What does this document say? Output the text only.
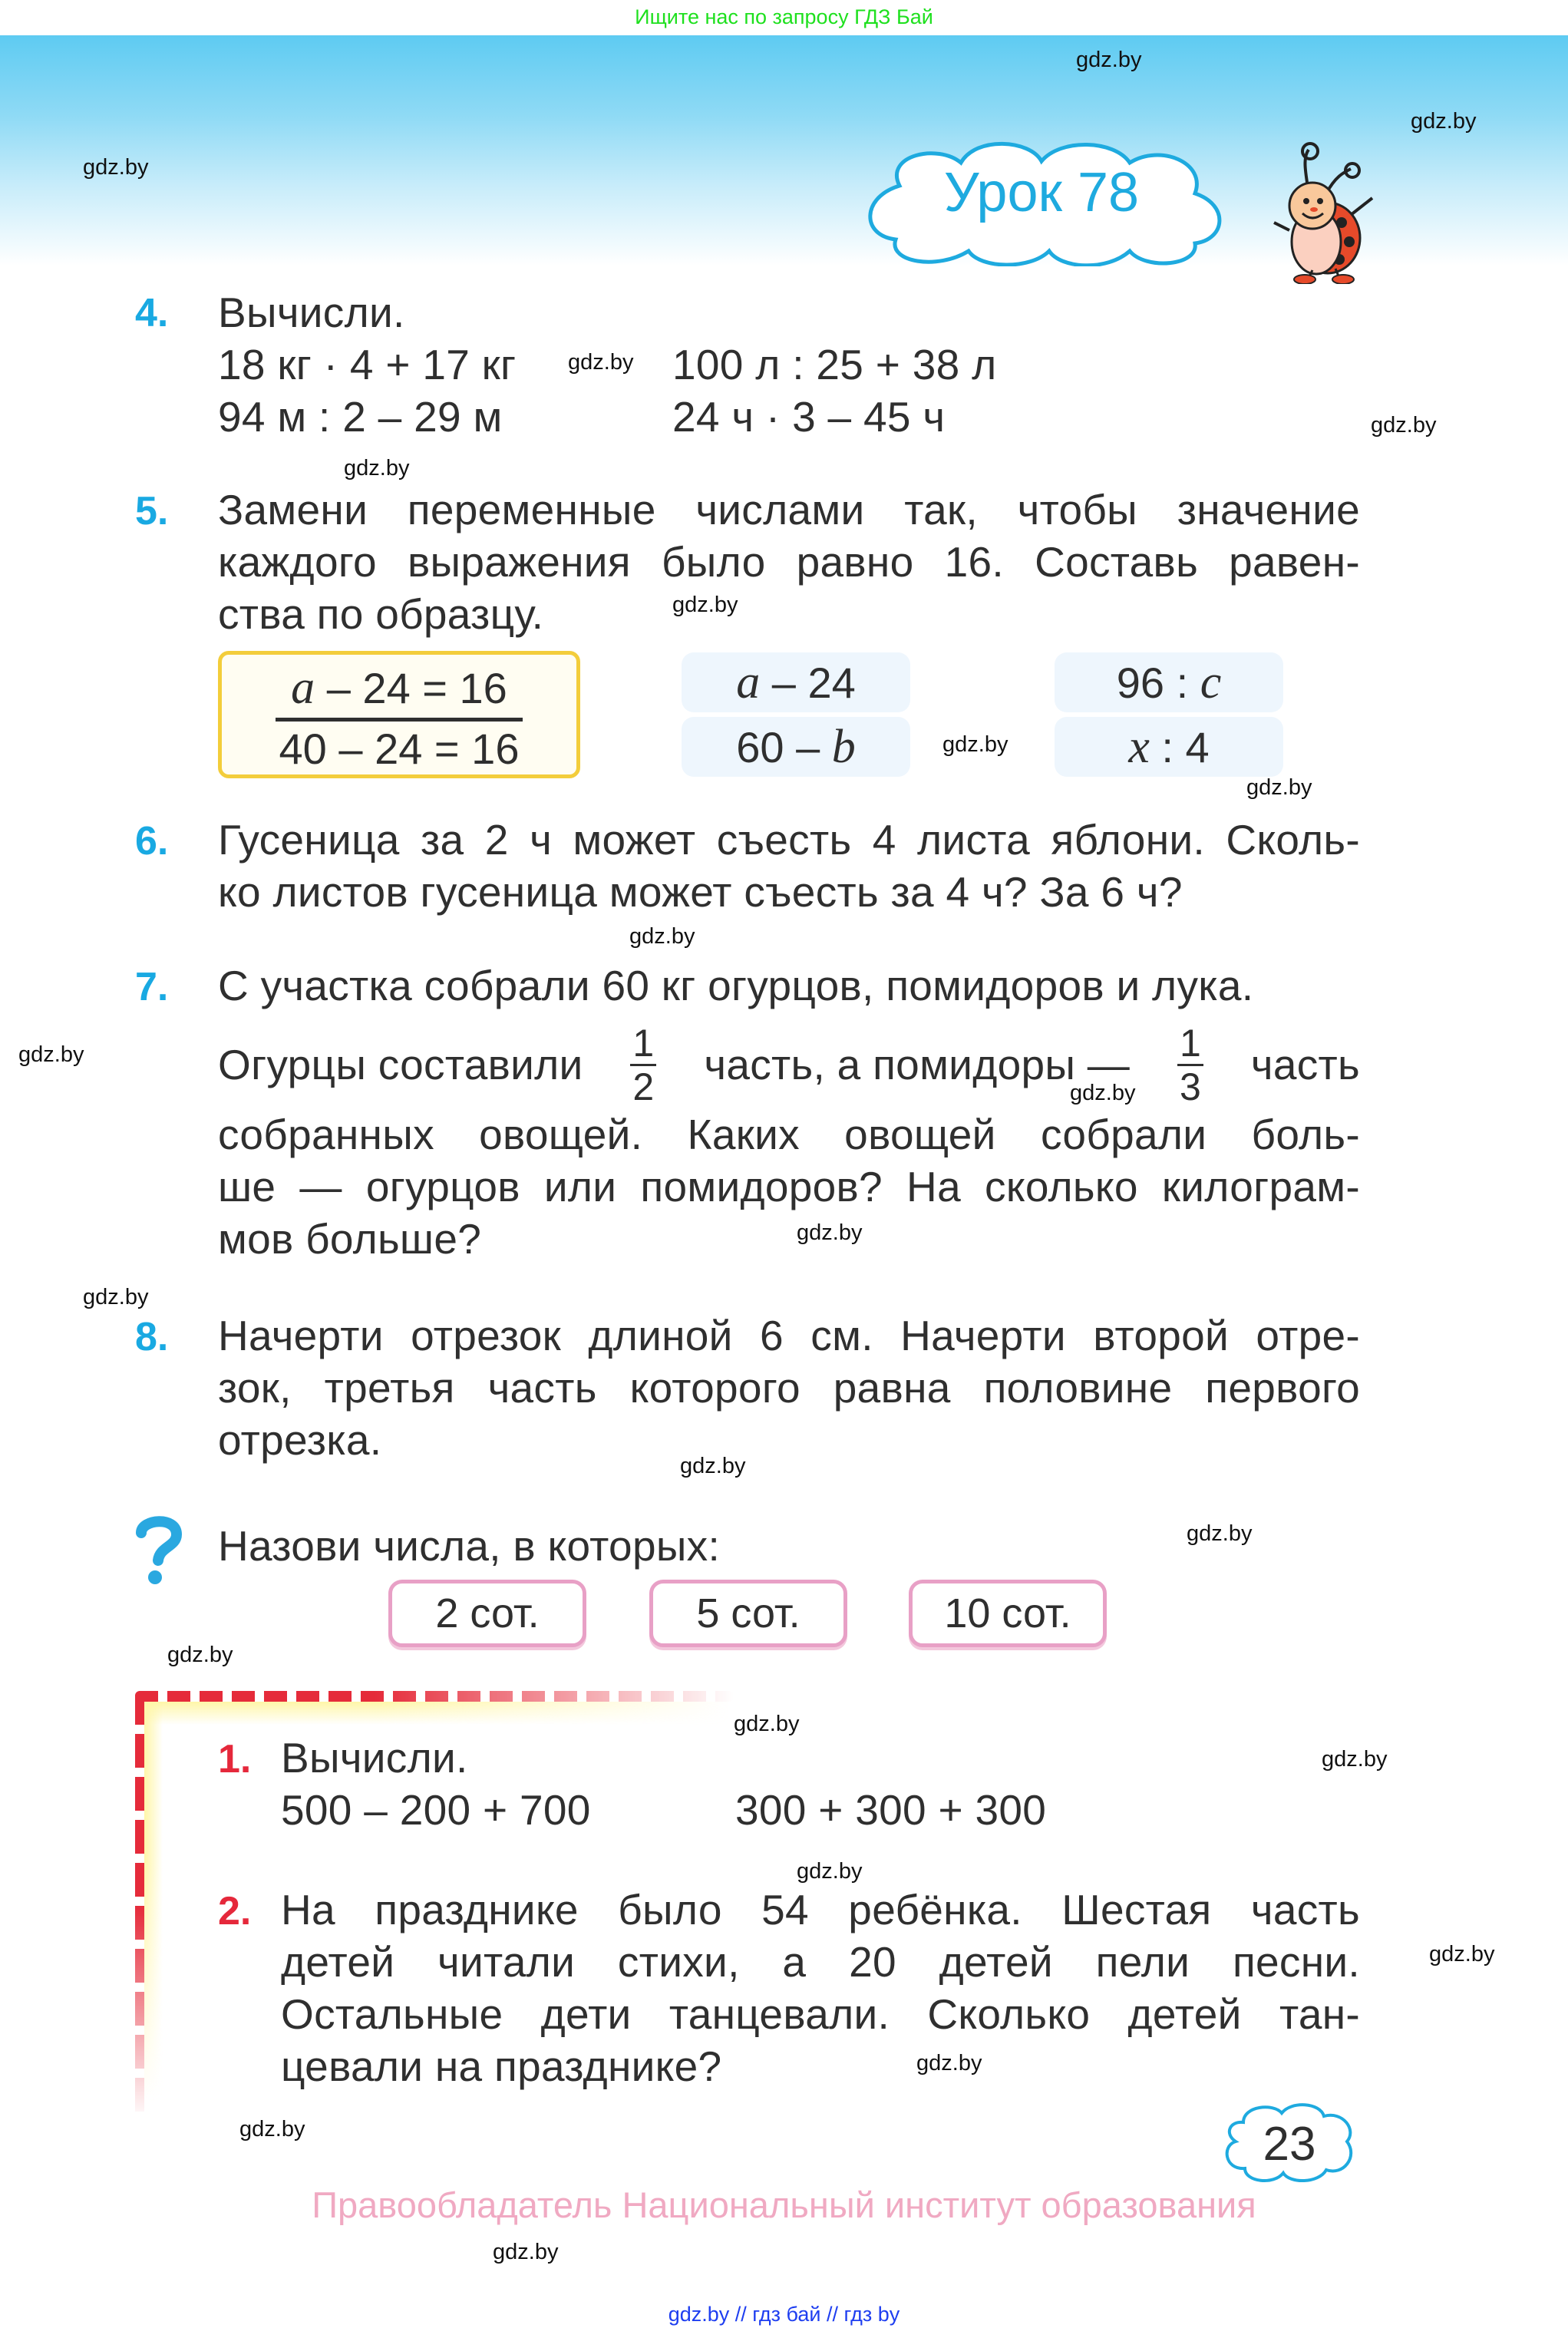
Ищите нас по запросу ГДЗ Бай
gdz.by
gdz.by
gdz.by	Урок 78
4. Вычисли.
18 кг · 4 + 17 кг gdz.by 100 л : 25 + 38 л
94 м : 2 – 29 м	24 ч · 3 – 45 ч	gdz.by
gdz.by
5. Замени переменные числами так, чтобы значение
каждого выражения было равно 16. Составь равен-
ства по образцу.	gdz.by
a – 24 = 16
40 – 24 = 16
a – 24	96 : c
60 – b	gdz.by	x : 4
gdz.by
6. Гусеница за 2 ч может съесть 4 листа яблони. Сколь-
ко листов гусеница может съесть за 4 ч? За 6 ч?
gdz.by
7. С участка собрали 60 кг огурцов, помидоров и лука.
gdz.by	Огурцы составили $\frac{1}{2}$ часть, а помидоры — $\frac{1}{3}$ часть
gdz.by
собранных овощей. Каких овощей собрали боль-
ше — огурцов или помидоров? На сколько килограм-
мов больше?	gdz.by
gdz.by
8. Начерти отрезок длиной 6 см. Начерти второй отре-
зок, третья часть которого равна половине первого
отрезка.
gdz.by
Назови числа, в которых:	gdz.by
2 сот.	5 сот.	10 сот.
gdz.by
gdz.by
1. Вычисли.	gdz.by
500 – 200 + 700	300 + 300 + 300
gdz.by
2. На празднике было 54 ребёнка. Шестая часть
детей читали стихи, а 20 детей пели песни.	gdz.by
Остальные дети танцевали. Сколько детей тан-
цевали на празднике?	gdz.by
gdz.by	23
Правообладатель Национальный институт образования
gdz.by
gdz.by // гдз бай // гдз by
